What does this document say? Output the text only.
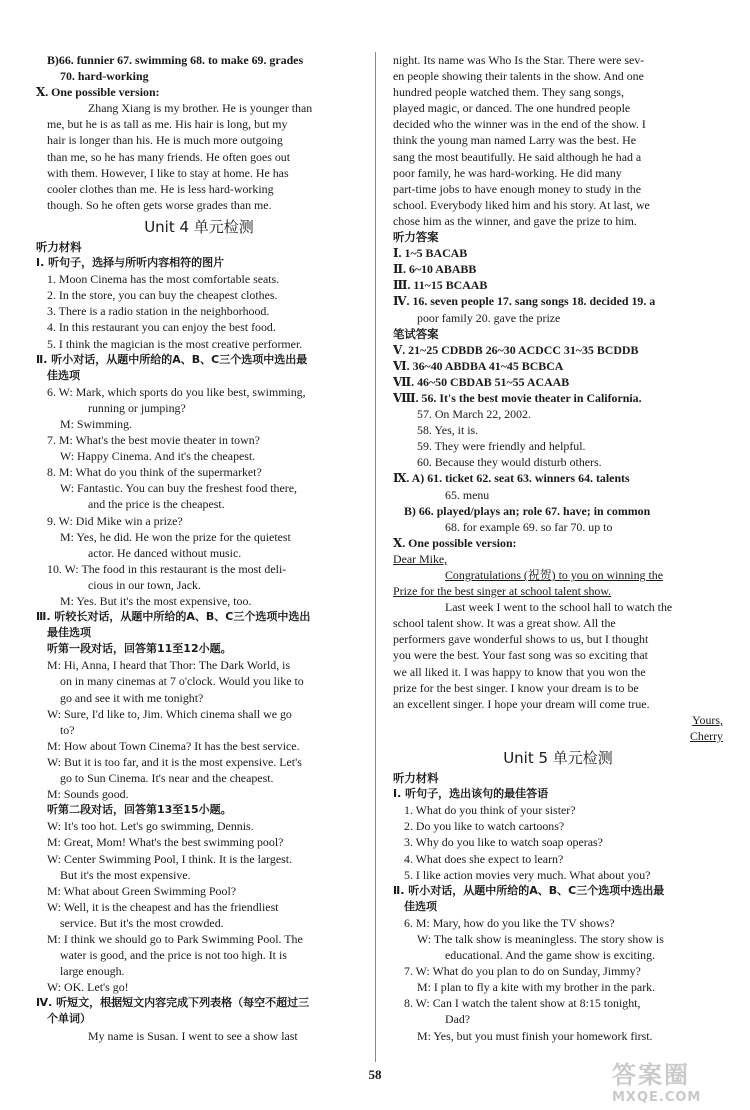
B)66. funnier 67. swimming 68. to make 69. grades
70. hard-working
Ⅹ. One possible version:
Zhang Xiang is my brother. He is younger than
me, but he is as tall as me. His hair is long, but my
hair is longer than his. He is much more outgoing
than me, so he has many friends. He often goes out
with them. However, I like to stay at home. He has
cooler clothes than me. He is less hard-working
though. So he often gets worse grades than me.
Unit 4 单元检测
听力材料
Ⅰ. 听句子，选择与所听内容相符的图片
1. Moon Cinema has the most comfortable seats.
2. In the store, you can buy the cheapest clothes.
3. There is a radio station in the neighborhood.
4. In this restaurant you can enjoy the best food.
5. I think the magician is the most creative performer.
Ⅱ. 听小对话，从题中所给的A、B、C三个选项中选出最
佳选项
6. W: Mark, which sports do you like best, swimming,
running or jumping?
M: Swimming.
7. M: What's the best movie theater in town?
W: Happy Cinema. And it's the cheapest.
8. M: What do you think of the supermarket?
W: Fantastic. You can buy the freshest food there,
and the price is the cheapest.
9. W: Did Mike win a prize?
M: Yes, he did. He won the prize for the quietest
actor. He danced without music.
10. W: The food in this restaurant is the most deli-
cious in our town, Jack.
M: Yes. But it's the most expensive, too.
Ⅲ. 听较长对话，从题中所给的A、B、C三个选项中选出
最佳选项
听第一段对话，回答第11至12小题。
M: Hi, Anna, I heard that Thor: The Dark World, is
on in many cinemas at 7 o'clock. Would you like to
go and see it with me tonight?
W: Sure, I'd like to, Jim. Which cinema shall we go
to?
M: How about Town Cinema? It has the best service.
W: But it is too far, and it is the most expensive. Let's
go to Sun Cinema. It's near and the cheapest.
M: Sounds good.
听第二段对话，回答第13至15小题。
W: It's too hot. Let's go swimming, Dennis.
M: Great, Mom! What's the best swimming pool?
W: Center Swimming Pool, I think. It is the largest.
But it's the most expensive.
M: What about Green Swimming Pool?
W: Well, it is the cheapest and has the friendliest
service. But it's the most crowded.
M: I think we should go to Park Swimming Pool. The
water is good, and the price is not too high. It is
large enough.
W: OK. Let's go!
Ⅳ. 听短文，根据短文内容完成下列表格（每空不超过三
个单词）
My name is Susan. I went to see a show last
night. Its name was Who Is the Star. There were sev-
en people showing their talents in the show. And one
hundred people watched them. They sang songs,
played magic, or danced. The one hundred people
decided who the winner was in the end of the show. I
think the young man named Larry was the best. He
sang the most beautifully. He said although he had a
poor family, he was hard-working. He did many
part-time jobs to have enough money to study in the
school. Everybody liked him and his story. At last, we
chose him as the winner, and gave the prize to him.
听力答案
Ⅰ. 1~5 BACAB
Ⅱ. 6~10 ABABB
Ⅲ. 11~15 BCAAB
Ⅳ. 16. seven people 17. sang songs 18. decided 19. a
poor family 20. gave the prize
笔试答案
Ⅴ. 21~25 CDBDB 26~30 ACDCC 31~35 BCDDB
Ⅵ. 36~40 ABDBA 41~45 BCBCA
Ⅶ. 46~50 CBDAB 51~55 ACAAB
Ⅷ. 56. It's the best movie theater in California.
57. On March 22, 2002.
58. Yes, it is.
59. They were friendly and helpful.
60. Because they would disturb others.
Ⅸ. A) 61. ticket 62. seat 63. winners 64. talents
65. menu
B) 66. played/plays an; role 67. have; in common
68. for example 69. so far 70. up to
Ⅹ. One possible version:
Dear Mike,
Congratulations (祝贺) to you on winning the
Prize for the best singer at school talent show.
Last week I went to the school hall to watch the
school talent show. It was a great show. All the
performers gave wonderful shows to us, but I thought
you were the best. Your fast song was so exciting that
we all liked it. I was happy to know that you won the
prize for the best singer. I know your dream is to be
an excellent singer. I hope your dream will come true.
Yours,
Cherry
Unit 5 单元检测
听力材料
Ⅰ. 听句子，选出该句的最佳答语
1. What do you think of your sister?
2. Do you like to watch cartoons?
3. Why do you like to watch soap operas?
4. What does she expect to learn?
5. I like action movies very much. What about you?
Ⅱ. 听小对话，从题中所给的A、B、C三个选项中选出最
佳选项
6. M: Mary, how do you like the TV shows?
W: The talk show is meaningless. The story show is
educational. And the game show is exciting.
7. W: What do you plan to do on Sunday, Jimmy?
M: I plan to fly a kite with my brother in the park.
8. W: Can I watch the talent show at 8:15 tonight,
Dad?
M: Yes, but you must finish your homework first.
58	答案圈
MXQE.COM
